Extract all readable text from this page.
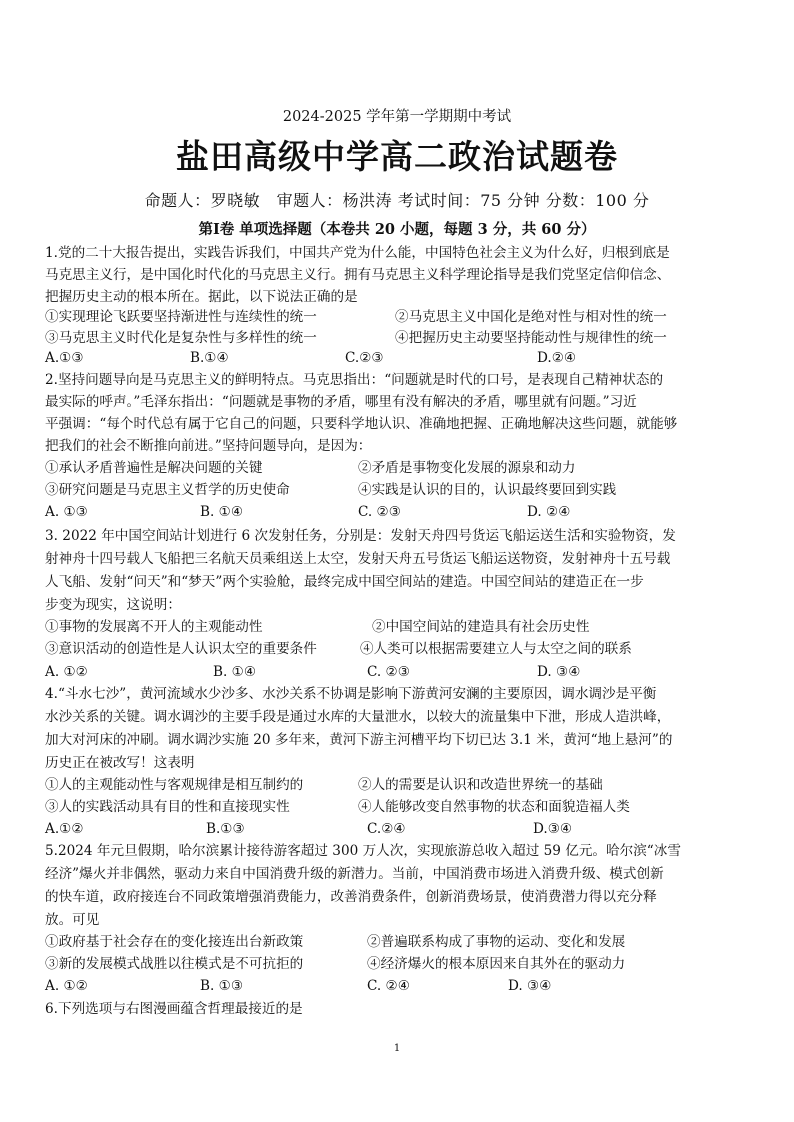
2024-2025 学年第一学期期中考试
盐田高级中学高二政治试题卷
命题人：罗晓敏　审题人：杨洪涛 考试时间：75 分钟 分数：100 分
第Ⅰ卷 单项选择题（本卷共 20 小题，每题 3 分，共 60 分）
1.党的二十大报告提出，实践告诉我们，中国共产党为什么能，中国特色社会主义为什么好，归根到底是
马克思主义行，是中国化时代化的马克思主义行。拥有马克思主义科学理论指导是我们党坚定信仰信念、
把握历史主动的根本所在。据此，以下说法正确的是
①实现理论飞跃要坚持渐进性与连续性的统一	②马克思主义中国化是绝对性与相对性的统一
③马克思主义时代化是复杂性与多样性的统一	④把握历史主动要坚持能动性与规律性的统一
A.①③	B.①④	C.②③	D.②④
2.坚持问题导向是马克思主义的鲜明特点。马克思指出：“问题就是时代的口号，是表现自己精神状态的
最实际的呼声。”毛泽东指出：“问题就是事物的矛盾，哪里有没有解决的矛盾，哪里就有问题。”习近
平强调：“每个时代总有属于它自己的问题，只要科学地认识、准确地把握、正确地解决这些问题，就能够
把我们的社会不断推向前进。”坚持问题导向，是因为：
①承认矛盾普遍性是解决问题的关键	②矛盾是事物变化发展的源泉和动力
③研究问题是马克思主义哲学的历史使命	④实践是认识的目的，认识最终要回到实践
A. ①③	B. ①④	C. ②③	D. ②④
3. 2022 年中国空间站计划进行 6 次发射任务，分别是：发射天舟四号货运飞船运送生活和实验物资，发
射神舟十四号载人飞船把三名航天员乘组送上太空，发射天舟五号货运飞船运送物资，发射神舟十五号载
人飞船、发射“问天”和“梦天”两个实验舱，最终完成中国空间站的建造。中国空间站的建造正在一步
步变为现实，这说明：
①事物的发展离不开人的主观能动性	②中国空间站的建造具有社会历史性
③意识活动的创造性是人认识太空的重要条件	④人类可以根据需要建立人与太空之间的联系
A. ①②	B. ①④	C. ②③	D. ③④
4.“斗水七沙”，黄河流域水少沙多、水沙关系不协调是影响下游黄河安澜的主要原因，调水调沙是平衡
水沙关系的关键。调水调沙的主要手段是通过水库的大量泄水，以较大的流量集中下泄，形成人造洪峰，
加大对河床的冲刷。调水调沙实施 20 多年来，黄河下游主河槽平均下切已达 3.1 米，黄河“地上悬河”的
历史正在被改写！这表明
①人的主观能动性与客观规律是相互制约的	②人的需要是认识和改造世界统一的基础
③人的实践活动具有目的性和直接现实性	④人能够改变自然事物的状态和面貌造福人类
A.①②	B.①③	C.②④	D.③④
5.2024 年元旦假期，哈尔滨累计接待游客超过 300 万人次，实现旅游总收入超过 59 亿元。哈尔滨“冰雪
经济”爆火并非偶然，驱动力来自中国消费升级的新潜力。当前，中国消费市场进入消费升级、模式创新
的快车道，政府接连台不同政策增强消费能力，改善消费条件，创新消费场景，使消费潜力得以充分释
放。可见
①政府基于社会存在的变化接连出台新政策	②普遍联系构成了事物的运动、变化和发展
③新的发展模式战胜以往模式是不可抗拒的	④经济爆火的根本原因来自其外在的驱动力
A. ①②	B. ①③	C. ②④	D. ③④
6.下列选项与右图漫画蕴含哲理最接近的是
1
